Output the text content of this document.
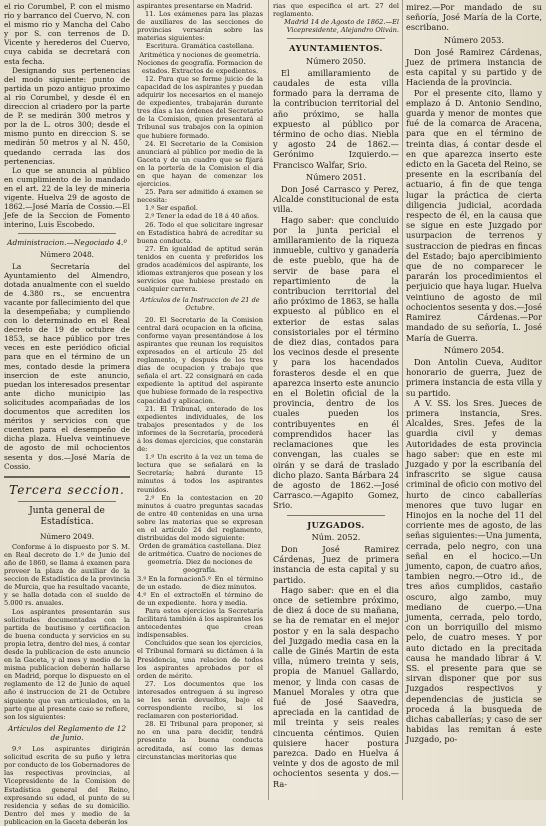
el rio Corumbel, P. con el mismo rio y barranco del Cuervo, N. con el mismo rio y Mancha del Cabo y por S. con terrenos de D. Vicente y herederos del Cuervo, cuya cabida se decretará con esta fecha.

Designando sus pertenencias del modo siguiente: punto de partida un pozo antiguo proximo al rio Corumbel, y desde él en direccion al criadero por la parte de P. se medirán 300 metros y por la de L. otros 300; desde el mismo punto en direccion S. se medirán 50 metros y al N. 450, quedando cerrada las dos pertenencias.

Lo que se anuncia al público en cumplimiento de lo mandado en el art. 22 de la ley de mineria vigente. Huelva 29 de agosto de 1862.—José María de Cossio.—El Jefe de la Seccion de Fomento interino, Luis Escobedo.

Administracion.—Negociado 4.º

Número 2048.

La Secretaría del Ayuntamiento del Almendro, dotada anualmente con el sueldo de 4.380 rs., se encuentra vacante por fallecimiento del que la desempeñaba; y cumpliendo con lo determinado en el Real decreto de 19 de octubre de 1853, se hace público por tres veces en este periódico oficial para que en el término de un mes, contado desde la primera insercion de este anuncio, puedan los interesados presentar ante dicho municipio las solicitudes acompañadas de los documentos que acrediten los méritos y servicios con que cuenten para el desempeño de dicha plaza. Huelva veintinueve de agosto de mil ochocientos sesenta y dos.—José María de Cossio.

Tercera seccion.

Junta general de Estadística.

Número 2049.

Conforme á lo dispuesto por S. M. en Real decreto de 1.º de Junio del año de 1860, se llama á examen para proveer la plaza de auxiliar de la seccion de Estadística de la provincia de Murcia, que ha resultado vacante, y se halla dotada con el sueldo de 5.000 rs. anuales.

Los aspirantes presentarán sus solicitudes documentadas con la partida de bautismo y certificacion de buena conducta y servicios en su propia letra, dentro del mes, á contar desde la publicacion de este anuncio en la Gaceta, y al mes y medio de la misma publicacion deberán hallarse en Madrid, porque lo dispuesto en el reglamento de 12 de Junio de aquel año é instruccion de 21 de Octubre siguiente que van articulados, en la parte que al presente caso se refiere, son los siguientes:

Artículos del Reglamento de 12 de Junio.

9.º Los aspirantes dirigirán solicitud escrita de su puño y letra por conducto de los Gobernadores de las respectivas provincias, al Vicepresidente de la Comision de Estadística general del Reino, expresando su edad, el punto de su residencia y señas de su domicilio. Dentro del mes y medio de la publicacion en la Gaceta deberán los

aspirantes presentarse en Madrid.

11. Los exámenes para las plazas de auxiliares de las secciones de provincias versarán sobre las materias siguientes:

Escritura. Gramática castellana. Aritmética y nociones de geometría. Nociones de geografía. Formacion de estados. Extractos de expedientes.

12. Para que se forme juicio de la capacidad de los aspirantes y puedan adquirir los necesarios en el manejo de expedientes, trabajarán durante tres días a las órdenes del Secretario de la Comision, quien presentará al Tribunal sus trabajos con la opinion que hubiere formado.

24. El Secretario de la Comision anunciará al público por medio de la Gaceta y de un cuadro que se fijará en la portería de la Comision el dia en que hayan de comenzar los ejercicios.

25. Para ser admitido á examen se necesita:

1.º Ser español.

2.º Tener la edad de 18 á 40 años.

26. Todo el que solicitare ingresar en Estadística habrá de acreditar su buena conducta.

27. En igualdad de aptitud serán tenidos en cuenta y preferidos los grados académicos del aspirante, los idiomas extranjeros que posean y los servicios que hubiese prestado en cualquier carrera.

Artículos de la Instruccion de 21 de Octubre.

20. El Secretario de la Comision central dará ocupacion en la oficina, conforme vayan presentándose á los aspirantes que reunan los requisitos expresados en el artículo 25 del reglamento, y después de los tres días de ocupacion y trabajo que señala el art. 22 consignará en cada expediente la aptitud del aspirante que hubiese formado de la respectiva capacidad y aplicacion.

21. El Tribunal, enterado de los expedientes individuales, de los trabajos presentados y de los informes de la Secretaría, procederá á los demas ejercicios, que constarán de:

1.º Un escrito á la vez un tema de lectura que se señalará en la Secretaría; habrá durante 15 minutos á todos los aspirantes reunidos.

2.º En la contestacion en 20 minutos á cuatro preguntas sacadas de entre 40 contenidas en una urna sobre las materias que se expresan en el artículo 24 del reglamento, distribuidas del modo siguiente:

Orden de gramática castellana. Diez de aritmética. Cuatro de nociones de geometría. Diez de nociones de geografía.

3.º En la formacion de un estado.
4.º En el extracto de un expediente.
5.º En el término de diez minutos.
En el término de hora y media.

Para estos ejercicios la Secretaría facilitará también á los aspirantes los antecedentes que crean indispensables.

Concluidos que sean los ejercicios, el Tribunal formará su dictámen á la Presidencia, una relacion de todos los aspirantes aprobados por el orden de mérito.

27. Los documentos que los interesados entreguen á su ingreso se les serán devueltos, bajo el correspondiente recibo, si los reclamaren con posterioridad.

28. El Tribunal para proponer, si no en una para decidir, tendrá presente la buena conducta acreditada, así como las demas circunstancias meritorias que

rias que especifica el art. 27 del reglamento.

Madrid 14 de Agosto de 1862.—El Vicepresidente, Alejandro Oliván.

AYUNTAMIENTOS.

Número 2050.

El amillaramiento de caudales de esta villa formado para la derrama de la contribucion territorial del año próximo, se halla expuesto al público por término de ocho dias. Niebla y agosto 24 de 1862.—Gerónimo Izquierdo.—Francisco Walfar, Srio.

Número 2051.

Don José Carrasco y Perez, Alcalde constitucional de esta villa.

Hago saber: que concluido por la junta pericial el amillaramiento de la riqueza inmueble, cultivo y ganadería de este pueblo, que ha de servir de base para el repartimiento de la contribucion territorial del año próximo de 1863, se halla expuesto al público en el exterior de estas salas consistoriales por el término de diez dias, contados para los vecinos desde el presente y para los hacendados forasteros desde el en que aparezca inserto este anuncio en el Boletin oficial de la provincia, dentro de los cuales pueden los contribuyentes en él comprendidos hacer las reclamaciones que les convengan, las cuales se oirán y se dará de traslado dicho plazo. Santa Bárbara 24 de agosto de 1862.—José Carrasco.—Agapito Gomez, Srio.

JUZGADOS.

Núm. 2052.

Don José Ramirez Cárdenas, Juez de primera instancia de esta capital y su partido.

Hago saber: que en el dia once de setiembre próximo, de diez á doce de su mañana, se ha de rematar en el mejor postor y en la sala despacho del Juzgado media casa en la calle de Ginés Martin de esta villa, número treinta y seis, propia de Manuel Gallardo, menor, y linda con casas de Manuel Morales y otra que fué de José Saavedra, apreciada en la cantidad de mil treinta y seis reales cincuenta céntimos. Quien quisiere hacer postura parezca. Dado en Huelva á veinte y dos de agosto de mil ochocientos sesenta y dos.—Ra-

mirez.—Por mandado de su señoría, José María de la Corte, escribano.

Número 2053.

Don José Ramirez Cárdenas, Juez de primera instancia de esta capital y su partido y de Hacienda de la provincia.

Por el presente cito, llamo y emplazo á D. Antonio Sendino, guarda y menor de montes que fué de la comarca de Aracena, para que en el término de treinta dias, á contar desde el en que aparezca inserto este edicto en la Gaceta del Reino, se presente en la escribanía del actuario, á fin de que tenga lugar la práctica de cierta diligencia judicial, acordada respecto de él, en la causa que se sigue en este Juzgado por usurpacion de terrenos y sustraccion de piedras en fincas del Estado; bajo apercibimiento que de no comparecer le pararán los procedimientos el perjuicio que haya lugar. Huelva veintiuno de agosto de mil ochocientos sesenta y dos.—José Ramirez Cárdenas.—Por mandado de su señoría, L. José María de Guerra.

Número 2054.

Don Antolin Cueva, Auditor honorario de guerra, Juez de primera instancia de esta villa y su partido.

A V. SS. los Sres. Jueces de primera instancia, Sres. Alcaldes, Sres. Jefes de la guardia civil y demas Autoridades de esta provincia hago saber: que en este mi Juzgado y por la escribanía del infrascrito se sigue causa criminal de oficio con motivo del hurto de cinco caballerías menores que tuvo lugar en Hinojos en la noche del 11 del corriente mes de agosto, de las señas siguientes:—Una jumenta, cerrada, pelo negro, con una señal en el hocico.—Un jumento, capon, de cuatro años, tambien negro.—Otro id., de tres años cumplidos, castaño oscuro, algo zambo, muy mediano de cuerpo.—Una jumenta, cerrada, pelo tordo, con un borriquillo del mismo pelo, de cuatro meses. Y por auto dictado en la precitada causa he mandado librar á V. SS. el presente para que se sirvan disponer que por sus Juzgados respectivos y dependencias de justicia se proceda á la busqueda de dichas caballerías; y caso de ser habidas las remitan á este Juzgado, po-
